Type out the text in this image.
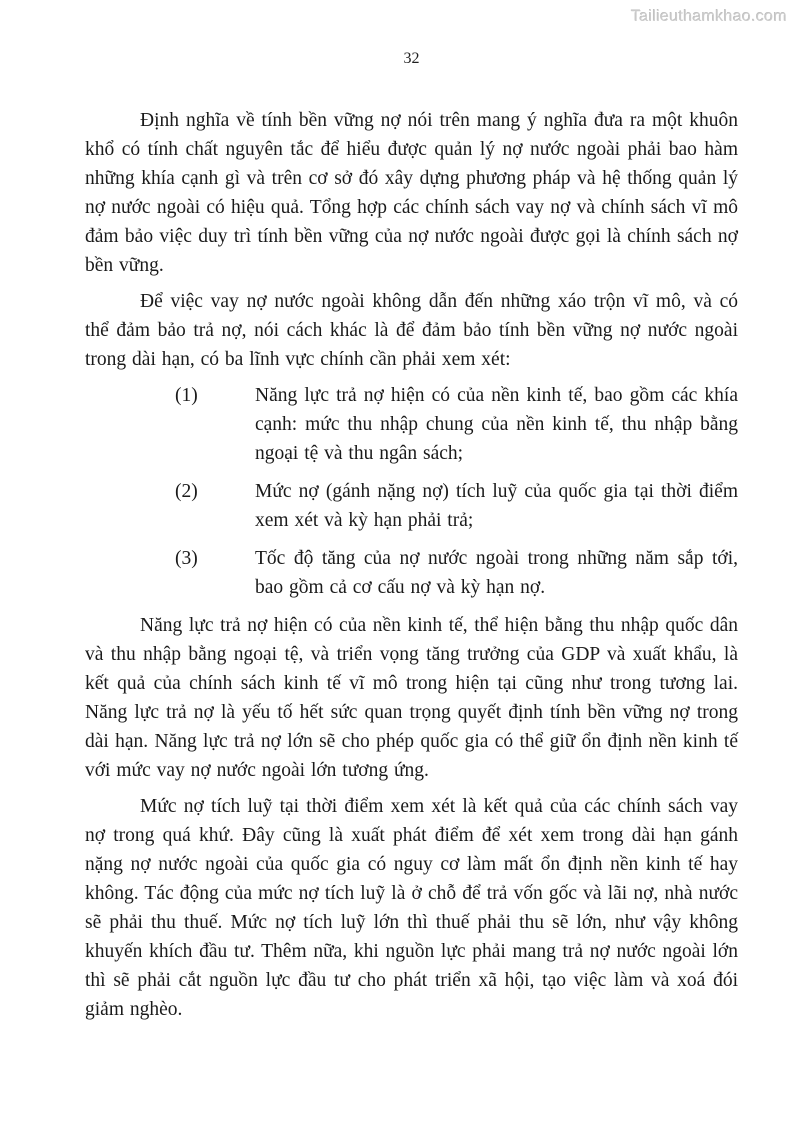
Tailieuthamkhao.com
32

Định nghĩa về tính bền vững nợ nói trên mang ý nghĩa đưa ra một khuôn khổ có tính chất nguyên tắc để hiểu được quản lý nợ nước ngoài phải bao hàm những khía cạnh gì và trên cơ sở đó xây dựng phương pháp và hệ thống quản lý nợ nước ngoài có hiệu quả. Tổng hợp các chính sách vay nợ và chính sách vĩ mô đảm bảo việc duy trì tính bền vững của nợ nước ngoài được gọi là chính sách nợ bền vững.

Để việc vay nợ nước ngoài không dẫn đến những xáo trộn vĩ mô, và có thể đảm bảo trả nợ, nói cách khác là để đảm bảo tính bền vững nợ nước ngoài trong dài hạn, có ba lĩnh vực chính cần phải xem xét:

(1)	Năng lực trả nợ hiện có của nền kinh tế, bao gồm các khía cạnh: mức thu nhập chung của nền kinh tế, thu nhập bằng ngoại tệ và thu ngân sách;
(2)	Mức nợ (gánh nặng nợ) tích luỹ của quốc gia tại thời điểm xem xét và kỳ hạn phải trả;
(3)	Tốc độ tăng của nợ nước ngoài trong những năm sắp tới, bao gồm cả cơ cấu nợ và kỳ hạn nợ.

Năng lực trả nợ hiện có của nền kinh tế, thể hiện bằng thu nhập quốc dân và thu nhập bằng ngoại tệ, và triển vọng tăng trưởng của GDP và xuất khẩu, là kết quả của chính sách kinh tế vĩ mô trong hiện tại cũng như trong tương lai. Năng lực trả nợ là yếu tố hết sức quan trọng quyết định tính bền vững nợ trong dài hạn. Năng lực trả nợ lớn sẽ cho phép quốc gia có thể giữ ổn định nền kinh tế với mức vay nợ nước ngoài lớn tương ứng.

Mức nợ tích luỹ tại thời điểm xem xét là kết quả của các chính sách vay nợ trong quá khứ. Đây cũng là xuất phát điểm để xét xem trong dài hạn gánh nặng nợ nước ngoài của quốc gia có nguy cơ làm mất ổn định nền kinh tế hay không. Tác động của mức nợ tích luỹ là ở chỗ để trả vốn gốc và lãi nợ, nhà nước sẽ phải thu thuế. Mức nợ tích luỹ lớn thì thuế phải thu sẽ lớn, như vậy không khuyến khích đầu tư. Thêm nữa, khi nguồn lực phải mang trả nợ nước ngoài lớn thì sẽ phải cắt nguồn lực đầu tư cho phát triển xã hội, tạo việc làm và xoá đói giảm nghèo.
